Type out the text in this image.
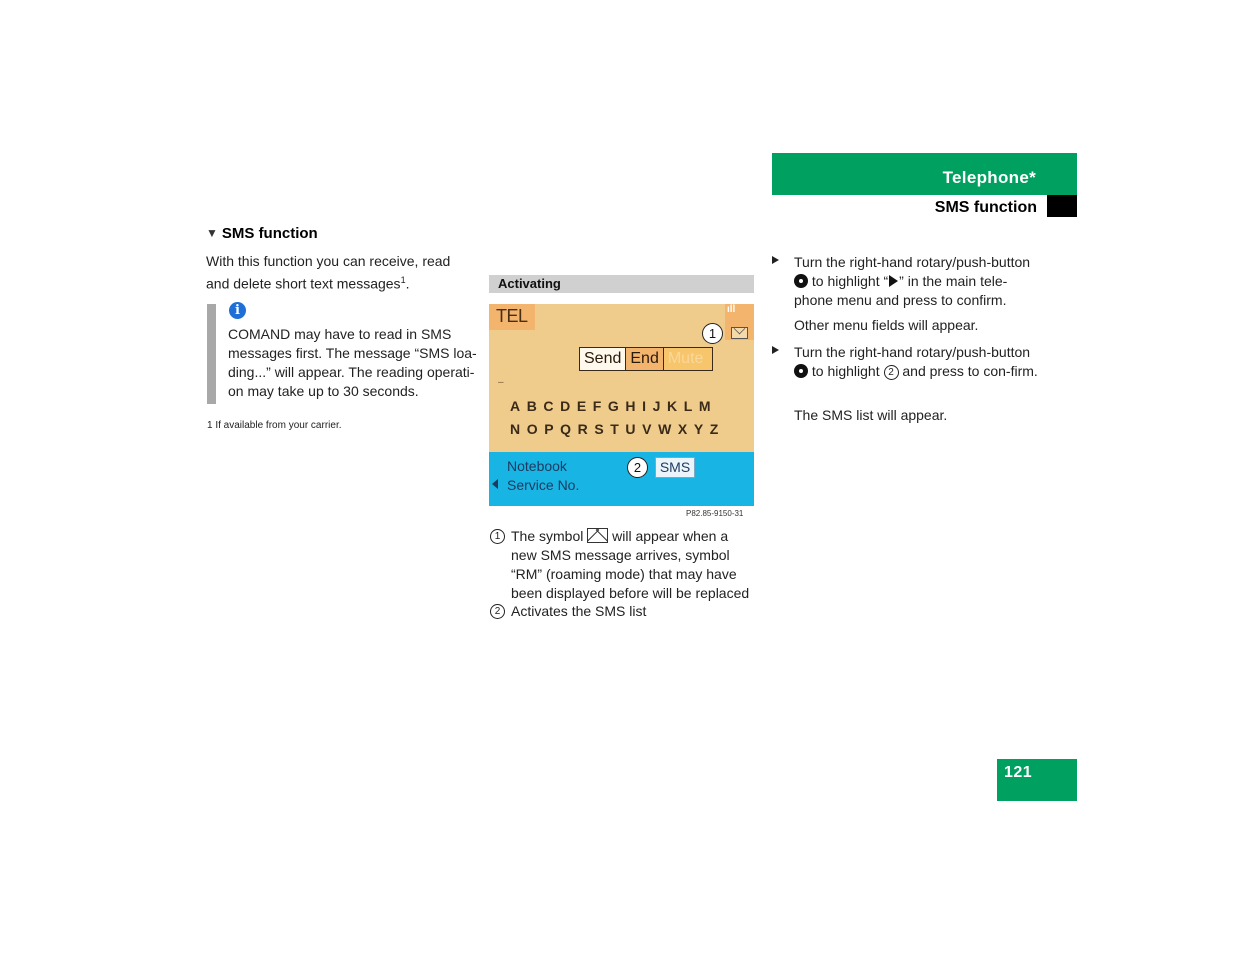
Telephone*
SMS function
▼ SMS function
With this function you can receive, read and delete short text messages$^1$.
i
COMAND may have to read in SMS messages first. The message “SMS loa-ding...” will appear. The reading operati-on may take up to 30 seconds.
1 If available from your carrier.
Activating
TEL	ıll
1
Send End Mute
‒
ABCDEFGHIJKLM
NOPQRSTUVWXYZ
Notebook
Service No.
2	SMS
P82.85-9150-31
1 The symbol will appear when a new SMS message arrives, symbol “RM” (roaming mode) that may have been displayed before will be replaced
2 Activates the SMS list
Turn the right-hand rotary/push-button  to highlight “ ” in the main tele-phone menu and press to confirm.
Other menu fields will appear.
Turn the right-hand rotary/push-button  to highlight 2 and press to con-firm.
The SMS list will appear.
121
